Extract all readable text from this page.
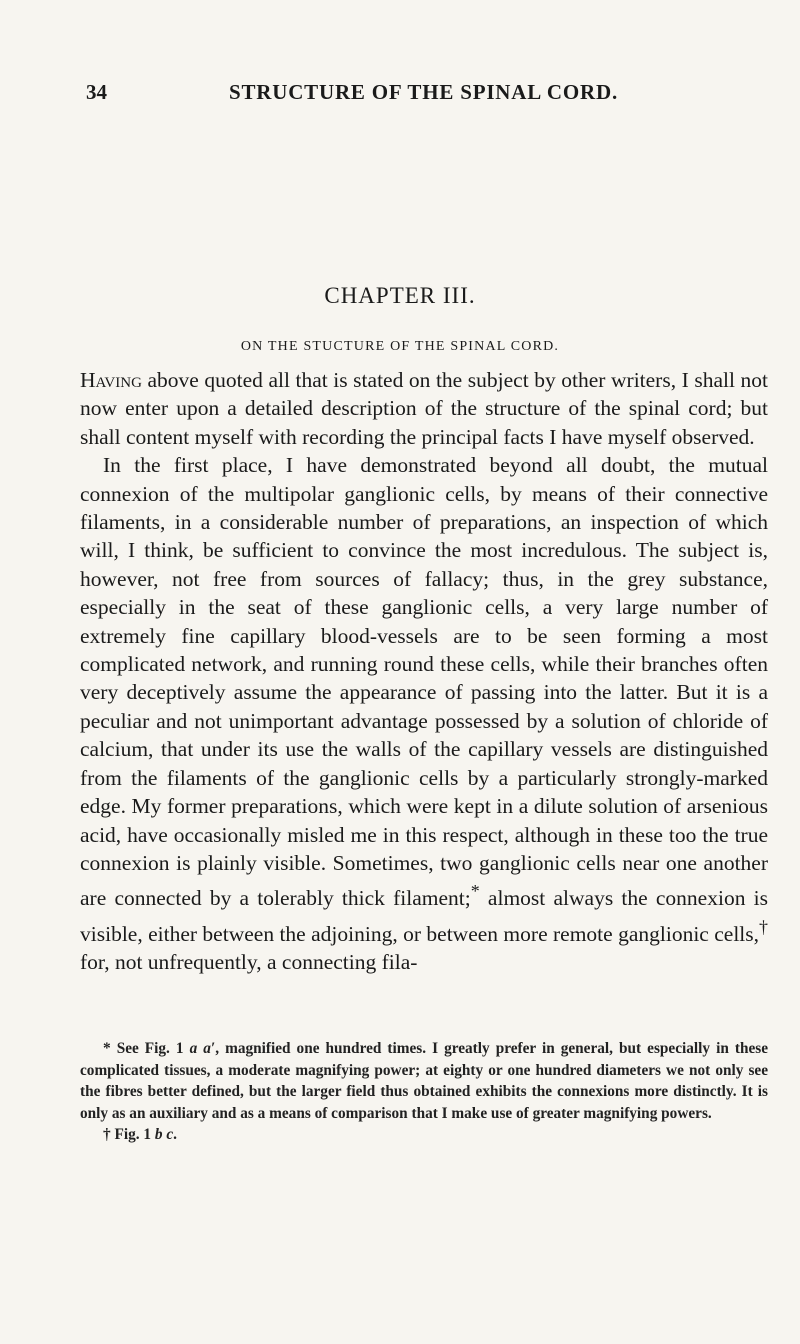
34	STRUCTURE OF THE SPINAL CORD.
CHAPTER III.
ON THE STUCTURE OF THE SPINAL CORD.

Having above quoted all that is stated on the subject by other writers, I shall not now enter upon a detailed description of the structure of the spinal cord; but shall content myself with recording the principal facts I have myself observed.

In the first place, I have demonstrated beyond all doubt, the mutual connexion of the multipolar ganglionic cells, by means of their connective filaments, in a considerable number of preparations, an inspection of which will, I think, be sufficient to convince the most incredulous. The subject is, however, not free from sources of fallacy; thus, in the grey substance, especially in the seat of these ganglionic cells, a very large number of extremely fine capillary blood-vessels are to be seen forming a most complicated network, and running round these cells, while their branches often very deceptively assume the appearance of passing into the latter. But it is a peculiar and not unimportant advantage possessed by a solution of chloride of calcium, that under its use the walls of the capillary vessels are distinguished from the filaments of the ganglionic cells by a particularly strongly-marked edge. My former preparations, which were kept in a dilute solution of arsenious acid, have occasionally misled me in this respect, although in these too the true connexion is plainly visible. Sometimes, two ganglionic cells near one another are connected by a tolerably thick filament;* almost always the connexion is visible, either between the adjoining, or between more remote ganglionic cells,† for, not unfrequently, a connecting fila-

* See Fig. 1 a a′, magnified one hundred times. I greatly prefer in general, but especially in these complicated tissues, a moderate magnifying power; at eighty or one hundred diameters we not only see the fibres better defined, but the larger field thus obtained exhibits the connexions more distinctly. It is only as an auxiliary and as a means of comparison that I make use of greater magnifying powers.

† Fig. 1 b c.
